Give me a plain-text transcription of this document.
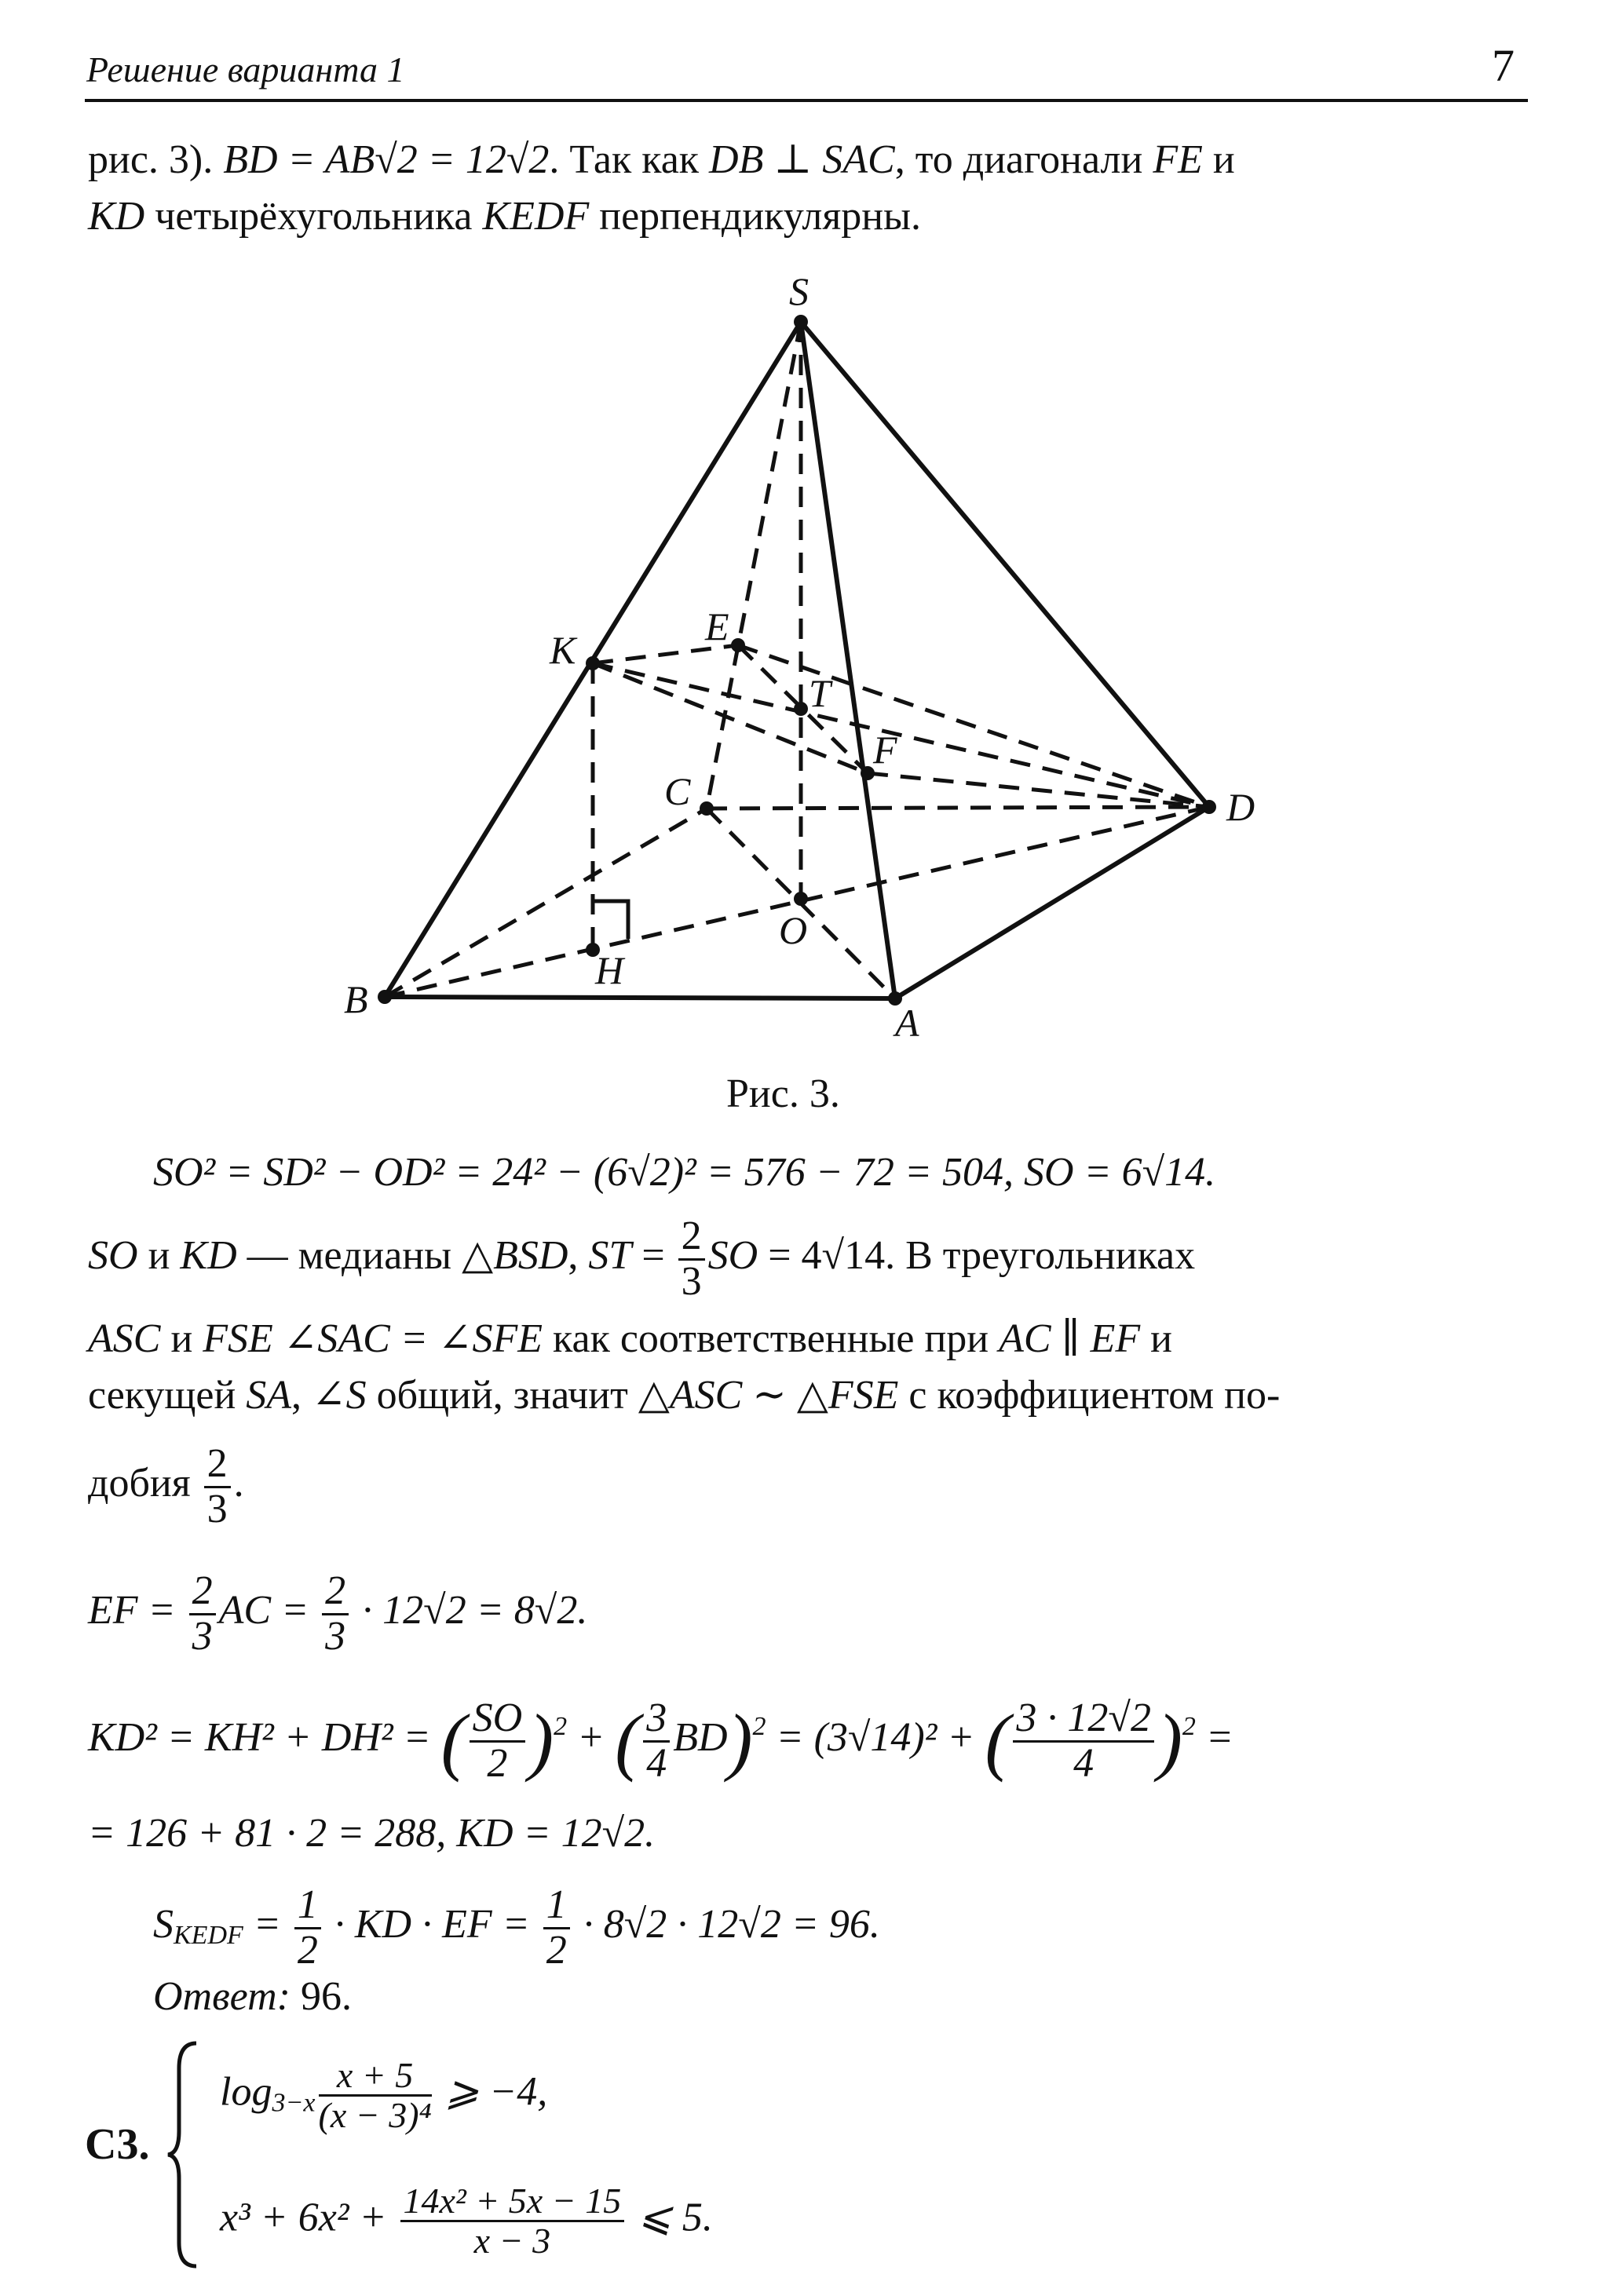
Решение варианта 1	7
рис. 3). BD = AB√2 = 12√2. Так как DB ⊥ SAC, то диагонали FE и
KD четырёхугольника KEDF перпендикулярны.
S
E
K
T
F
C	D
O
H
B
A
Рис. 3.
SO² = SD² − OD² = 24² − (6√2)² = 576 − 72 = 504, SO = 6√14.
SO и KD — медианы △BSD, ST = $\frac{2}{3}$ SO = 4√14. В треугольниках
ASC и FSE ∠SAC = ∠SFE как соответственные при AC ∥ EF и
секущей SA, ∠S общий, значит △ASC ∼ △FSE с коэффициентом по-
добия $\frac{2}{3}$ .
EF = $\frac{2}{3}$ AC = $\frac{2}{3} \cdot 12√2 = 8√2$.
KD² = KH² + DH² = ( $\frac{SO}{2} )^2$ + ( $\frac{3}{4} BD)^2 = (3√14)^2$ + ( $\frac{3 \cdot 12√2}{4} )^2$ =
= 126 + 81 · 2 = 288, KD = 12√2.
$S_{KEDF} = \frac{1}{2}$ · KD · EF = $\frac{1}{2} \cdot 8√2 \cdot 12√2 = 96$.
Ответ: 96.
C3.
$\log_{3-x} \frac{x + 5}{\text{(x − 3)⁴}}$ ⩾ −4,
$x^3 + 6x^2 + \frac{\text{14x² + 5x − 15}}{x - 3}$ ⩽ 5.
